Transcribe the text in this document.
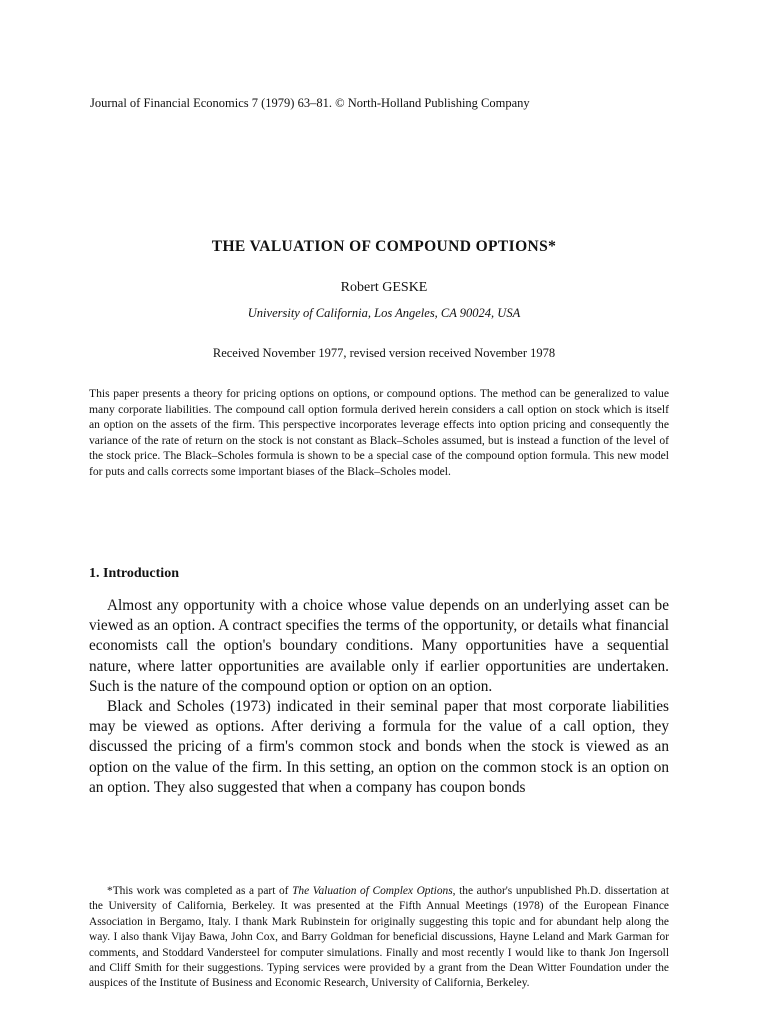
Journal of Financial Economics 7 (1979) 63–81. © North-Holland Publishing Company
THE VALUATION OF COMPOUND OPTIONS*
Robert GESKE
University of California, Los Angeles, CA 90024, USA
Received November 1977, revised version received November 1978
This paper presents a theory for pricing options on options, or compound options. The method can be generalized to value many corporate liabilities. The compound call option formula derived herein considers a call option on stock which is itself an option on the assets of the firm. This perspective incorporates leverage effects into option pricing and consequently the variance of the rate of return on the stock is not constant as Black–Scholes assumed, but is instead a function of the level of the stock price. The Black–Scholes formula is shown to be a special case of the compound option formula. This new model for puts and calls corrects some important biases of the Black–Scholes model.
1. Introduction

Almost any opportunity with a choice whose value depends on an underlying asset can be viewed as an option. A contract specifies the terms of the opportunity, or details what financial economists call the option's boundary conditions. Many opportunities have a sequential nature, where latter opportunities are available only if earlier opportunities are undertaken. Such is the nature of the compound option or option on an option.

Black and Scholes (1973) indicated in their seminal paper that most corporate liabilities may be viewed as options. After deriving a formula for the value of a call option, they discussed the pricing of a firm's common stock and bonds when the stock is viewed as an option on the value of the firm. In this setting, an option on the common stock is an option on an option. They also suggested that when a company has coupon bonds

*This work was completed as a part of The Valuation of Complex Options, the author's unpublished Ph.D. dissertation at the University of California, Berkeley. It was presented at the Fifth Annual Meetings (1978) of the European Finance Association in Bergamo, Italy. I thank Mark Rubinstein for originally suggesting this topic and for abundant help along the way. I also thank Vijay Bawa, John Cox, and Barry Goldman for beneficial discussions, Hayne Leland and Mark Garman for comments, and Stoddard Vandersteel for computer simulations. Finally and most recently I would like to thank Jon Ingersoll and Cliff Smith for their suggestions. Typing services were provided by a grant from the Dean Witter Foundation under the auspices of the Institute of Business and Economic Research, University of California, Berkeley.
